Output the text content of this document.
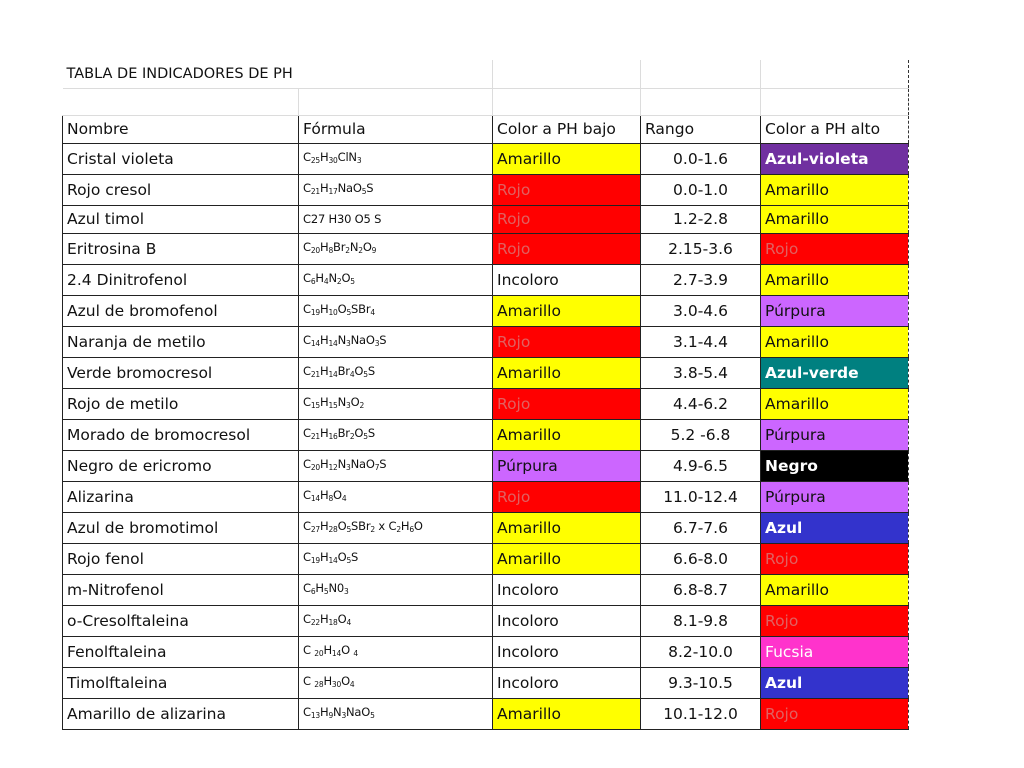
TABLA DE INDICADORES DE PH				

Nombre	Fórmula	Color a PH bajo	Rango	Color a PH alto
Cristal violeta	$C_{25}H_{30}ClN_3$	Amarillo	0.0-1.6	Azul-violeta
Rojo cresol	$C_{21}H_{17}NaO_5S$	Rojo	0.0-1.0	Amarillo
Azul timol	C27 H30 O5 S	Rojo	1.2-2.8	Amarillo
Eritrosina B	$C_{20}H_8Br_2N_2O_9$	Rojo	2.15-3.6	Rojo
2.4 Dinitrofenol	$C_6H_4N_2O_5$	Incoloro	2.7-3.9	Amarillo
Azul de bromofenol	$C_{19}H_{10}O_5SBr_4$	Amarillo	3.0-4.6	Púrpura
Naranja de metilo	$C_{14}H_{14}N_3NaO_3S$	Rojo	3.1-4.4	Amarillo
Verde bromocresol	$C_{21}H_{14}Br_4O_5S$	Amarillo	3.8-5.4	Azul-verde
Rojo de metilo	$C_{15}H_{15}N_3O_2$	Rojo	4.4-6.2	Amarillo
Morado de bromocresol	$C_{21}H_{16}Br_2O_5S$	Amarillo	5.2 -6.8	Púrpura
Negro de ericromo	$C_{20}H_{12}N_3NaO_7S$	Púrpura	4.9-6.5	Negro
Alizarina	$C_{14}H_8O_4$	Rojo	11.0-12.4	Púrpura
Azul de bromotimol	$C_{27}H_{28}O_5SBr_2$ x $C_2H_6O$	Amarillo	6.7-7.6	Azul
Rojo fenol	$C_{19}H_{14}O_5S$	Amarillo	6.6-8.0	Rojo
m-Nitrofenol	$C_6H_5N0_3$	Incoloro	6.8-8.7	Amarillo
o-Cresolftaleina	$C_{22}H_{18}O_4$	Incoloro	8.1-9.8	Rojo
Fenolftaleina	C $_{20}H_{14}O$ $_4$	Incoloro	8.2-10.0	Fucsia
Timolftaleina	C $_{28}H_{30}O_4$	Incoloro	9.3-10.5	Azul
Amarillo de alizarina	$C_{13}H_9N_3NaO_5$	Amarillo	10.1-12.0	Rojo
